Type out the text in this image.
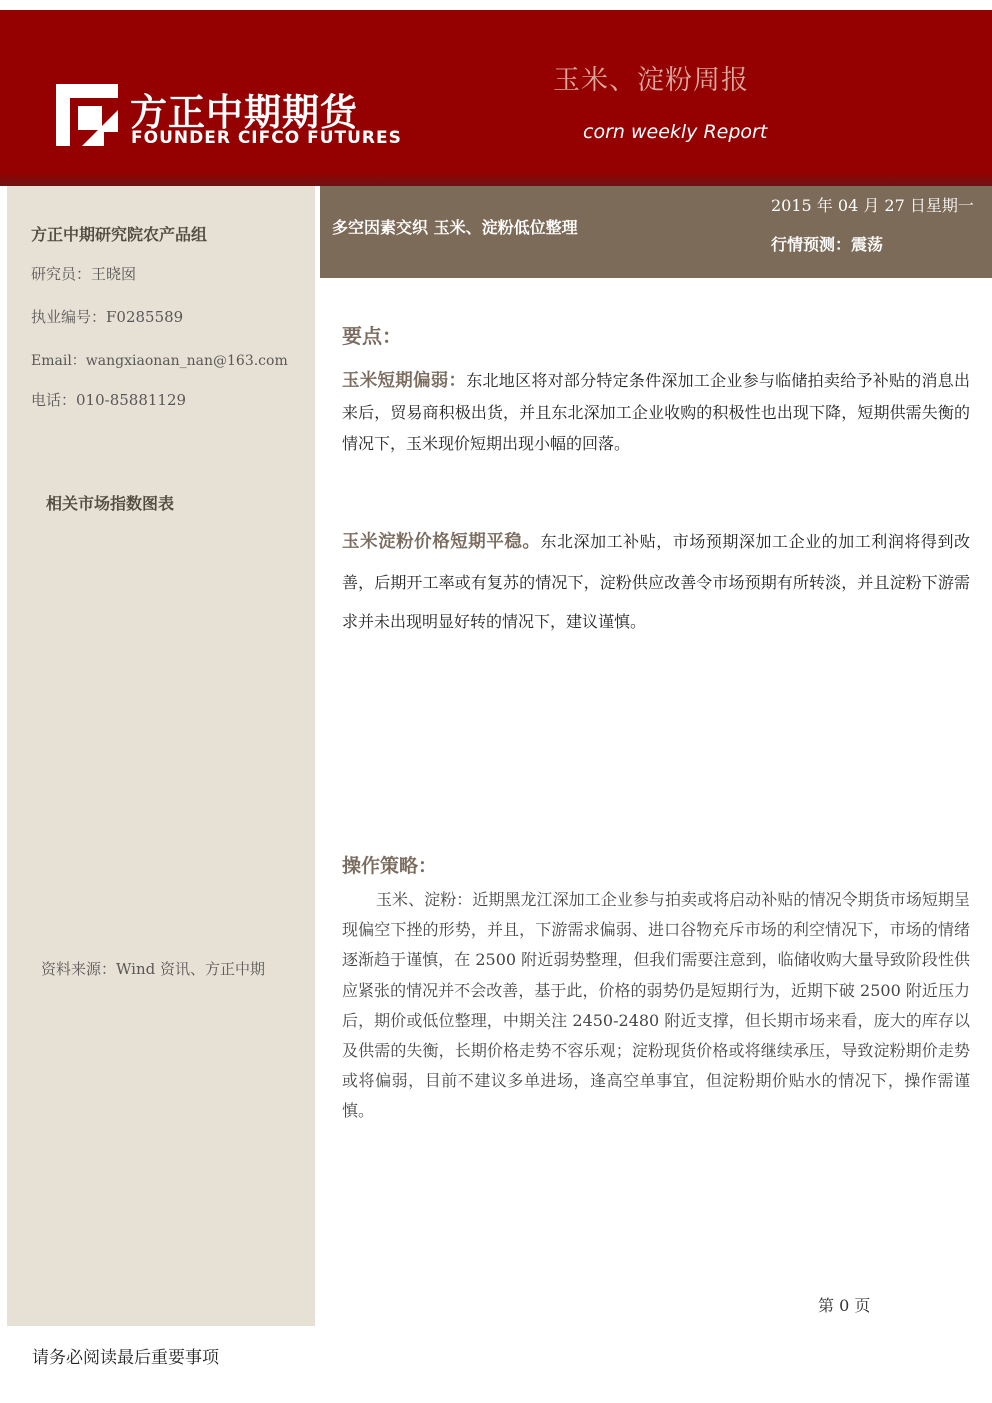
方正中期期货
FOUNDER CIFCO FUTURES
玉米、淀粉周报
corn weekly Report
方正中期研究院农产品组
研究员：王晓囡
执业编号：F0285589
Email：wangxiaonan_nan@163.com
电话：010-85881129
相关市场指数图表
资料来源：Wind 资讯、方正中期
多空因素交织 玉米、淀粉低位整理
2015 年 04 月 27 日星期一
行情预测：震荡
要点：
玉米短期偏弱：东北地区将对部分特定条件深加工企业参与临储拍卖给予补贴的消息出来后，贸易商积极出货，并且东北深加工企业收购的积极性也出现下降，短期供需失衡的情况下，玉米现价短期出现小幅的回落。
玉米淀粉价格短期平稳。东北深加工补贴，市场预期深加工企业的加工利润将得到改善，后期开工率或有复苏的情况下，淀粉供应改善令市场预期有所转淡，并且淀粉下游需求并未出现明显好转的情况下，建议谨慎。
操作策略：
玉米、淀粉：近期黑龙江深加工企业参与拍卖或将启动补贴的情况令期货市场短期呈现偏空下挫的形势，并且，下游需求偏弱、进口谷物充斥市场的利空情况下，市场的情绪逐渐趋于谨慎，在 2500 附近弱势整理，但我们需要注意到，临储收购大量导致阶段性供应紧张的情况并不会改善，基于此，价格的弱势仍是短期行为，近期下破 2500 附近压力后，期价或低位整理，中期关注 2450-2480 附近支撑，但长期市场来看，庞大的库存以及供需的失衡，长期价格走势不容乐观；淀粉现货价格或将继续承压，导致淀粉期价走势或将偏弱，目前不建议多单进场，逢高空单事宜，但淀粉期价贴水的情况下，操作需谨慎。
第 0 页
请务必阅读最后重要事项
